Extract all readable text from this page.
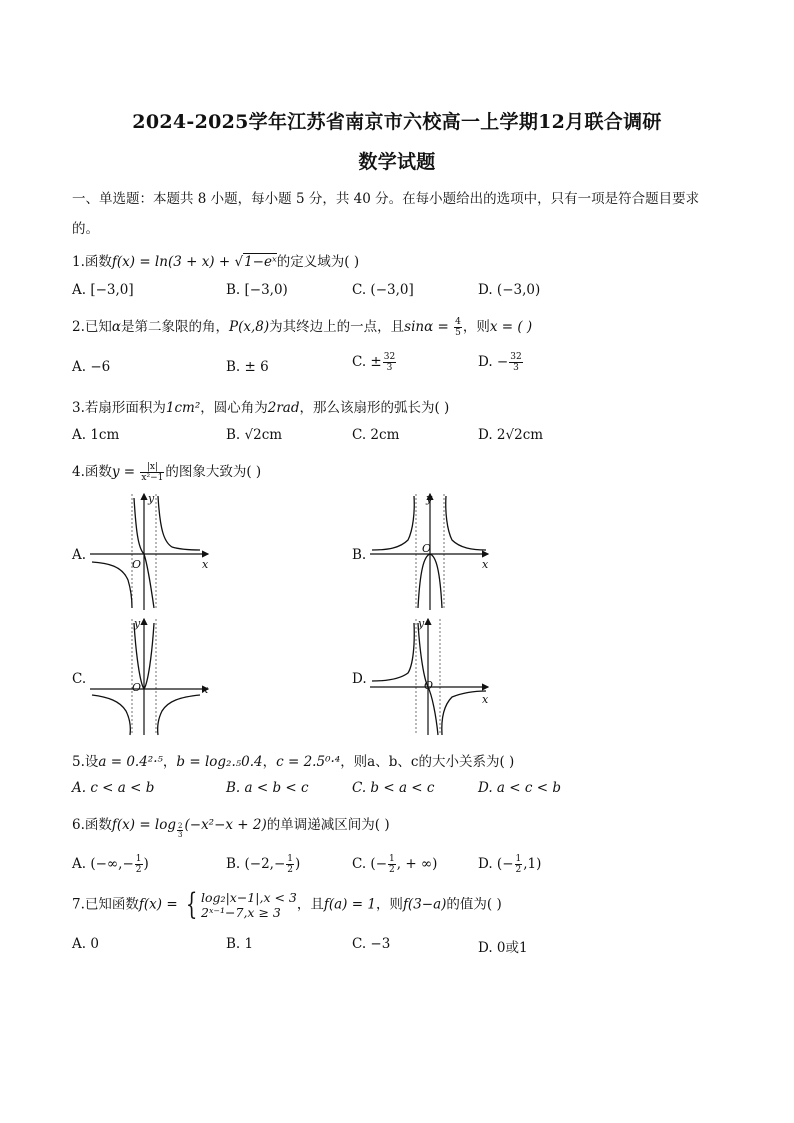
2024-2025学年江苏省南京市六校高一上学期12月联合调研
数学试题
一、单选题：本题共 8 小题，每小题 5 分，共 40 分。在每小题给出的选项中，只有一项是符合题目要求
的。
1.函数f(x) = ln(3 + x) + √1−eˣ的定义域为( )
A. [−3,0]	B. [−3,0)	C. (−3,0]	D. (−3,0)
2.已知α是第二象限的角，P(x,8)为其终边上的一点，且$\sin\alpha = \frac{4}{5}$ ，则x = ( )
A. −6	B. ± 6	C. ± $\frac{32}{3}$	D. − $\frac{32}{3}$
3.若扇形面积为1cm²，圆心角为2rad，那么该扇形的弧长为( )
A. 1cm	B. √2cm	C. 2cm	D. 2√2cm
4.函数$y = \frac{|x|}{\text{x²−1}}$ 的图象大致为( )
A.	B.
C.	D.
y
x
O
y
x
O
y
x
O
y
x
O
5.设a = 0.4²·⁵，b = log₂.₅0.4，c = 2.5⁰·⁴，则a、b、c的大小关系为( )
A. c < a < b	B. a < b < c	C. b < a < c	D. a < c < b
6.函数$f(x) = \log \frac{2}{3} (-x^2-x + 2)$的单调递减区间为( )
A. (−∞,− $\frac{1}{2}$ )	B. ($-2,- \frac{1}{2}$ )	C. (− $\frac{1}{2}$ , + ∞)	D. (− $\frac{1}{2} ,1$)
7.已知函数f(x) = { log₂|x−1|,x < 3
2ˣ⁻¹−7,x ≥ 3	，且f(a) = 1，则f(3−a)的值为( )
A. 0	B. 1	C. −3	D. 0或1
